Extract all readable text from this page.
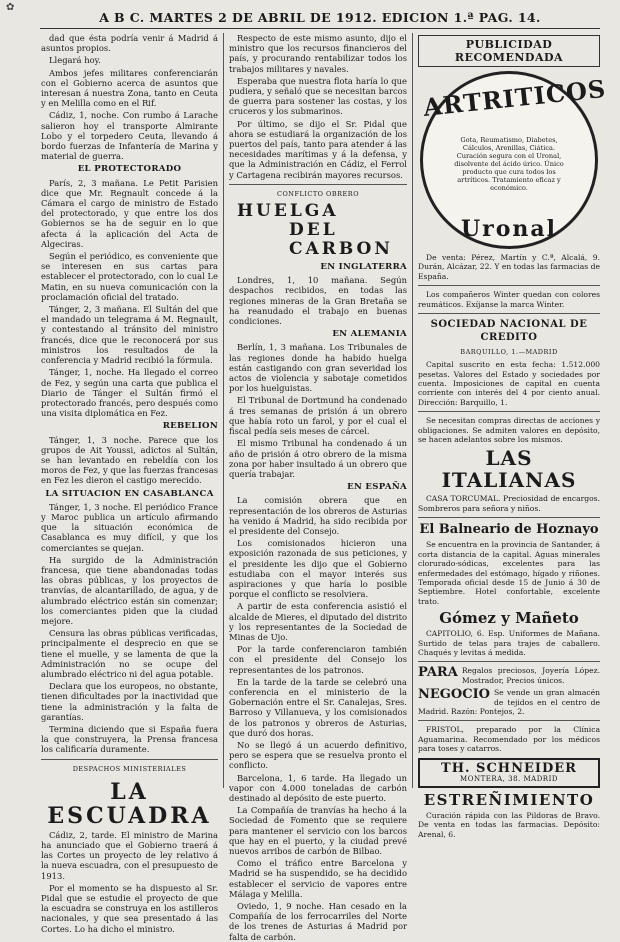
✿
A B C. MARTES 2 DE ABRIL DE 1912. EDICION 1.ª PAG. 14.

dad que ésta podría venir á Madrid á asuntos propios.

Llegará hoy.

Ambos jefes militares conferenciarán con el Gobierno acerca de asuntos que interesan á nuestra Zona, tanto en Ceuta y en Melilla como en el Rif.

Cádiz, 1, noche. Con rumbo á Larache salieron hoy el transporte Almirante Lobo y el torpedero Ceuta, llevando á bordo fuerzas de Infantería de Marina y material de guerra.

EL PROTECTORADO

París, 2, 3 mañana. Le Petit Parisien dice que Mr. Regnault concede á la Cámara el cargo de ministro de Estado del protectorado, y que entre los dos Gobiernos se ha de seguir en lo que afecta á la aplicación del Acta de Algeciras.

Según el periódico, es conveniente que se interesen en sus cartas para establecer el protectorado, con lo cual Le Matin, en su nueva comunicación con la proclamación oficial del tratado.

Tánger, 2, 3 mañana. El Sultán del que el mandado un telegrama á M. Regnault, y contestando al tránsito del ministro francés, dice que le reconocerá por sus ministros los resultados de la conferencia y Madrid recibió la fórmula.

Tánger, 1, noche. Ha llegado el correo de Fez, y según una carta que publica el Diario de Tánger el Sultán firmó el protectorado francés, pero después como una visita diplomática en Fez.

REBELION

Tánger, 1, 3 noche. Parece que los grupos de Ait Youssi, adictos al Sultán, se han levantado en rebeldía con los moros de Fez, y que las fuerzas francesas en Fez les dieron el castigo merecido.

LA SITUACION EN CASABLANCA

Tánger, 1, 3 noche. El periódico France y Maroc publica un artículo afirmando que la situación económica de Casablanca es muy difícil, y que los comerciantes se quejan.

Ha surgido de la Administración francesa, que tiene abandonadas todas las obras públicas, y los proyectos de tranvías, de alcantarillado, de agua, y de alumbrado eléctrico están sin comenzar; los comerciantes piden que la ciudad mejore.

Censura las obras públicas verificadas, principalmente el desprecio en que se tiene el muelle, y se lamenta de que la Administración no se ocupe del alumbrado eléctrico ni del agua potable.

Declara que los europeos, no obstante, tienen dificultades por la inactividad que tiene la administración y la falta de garantías.

Termina diciendo que si España fuera la que construyera, la Prensa francesa los calificaría duramente.

DESPACHOS MINISTERIALES
LA ESCUADRA

Cádiz, 2, tarde. El ministro de Marina ha anunciado que el Gobierno traerá á las Cortes un proyecto de ley relativo á la nueva escuadra, con el presupuesto de 1913.

Por el momento se ha dispuesto al Sr. Pidal que se estudie el proyecto de que la escuadra se construya en los astilleros nacionales, y que sea presentado á las Cortes. Lo ha dicho el ministro.

Respecto de este mismo asunto, dijo el ministro que los recursos financieros del país, y procurando rentabilizar todos los trabajos militares y navales.

Esperaba que nuestra flota haría lo que pudiera, y señaló que se necesitan barcos de guerra para sostener las costas, y los cruceros y los submarinos.

Por último, se dijo el Sr. Pidal que ahora se estudiará la organización de los puertos del país, tanto para atender á las necesidades marítimas y á la defensa, y que la Administración en Cádiz, el Ferrol y Cartagena recibirán mayores recursos.

CONFLICTO OBRERO
HUELGA
DEL CARBON
EN INGLATERRA

Londres, 1, 10 mañana. Según despachos recibidos, en todas las regiones mineras de la Gran Bretaña se ha reanudado el trabajo en buenas condiciones.

EN ALEMANIA

Berlín, 1, 3 mañana. Los Tribunales de las regiones donde ha habido huelga están castigando con gran severidad los actos de violencia y sabotaje cometidos por los huelguistas.

El Tribunal de Dortmund ha condenado á tres semanas de prisión á un obrero que había roto un farol, y por el cual el fiscal pedía seis meses de cárcel.

El mismo Tribunal ha condenado á un año de prisión á otro obrero de la misma zona por haber insultado á un obrero que quería trabajar.

EN ESPAÑA

La comisión obrera que en representación de los obreros de Asturias ha venido á Madrid, ha sido recibida por el presidente del Consejo.

Los comisionados hicieron una exposición razonada de sus peticiones, y el presidente les dijo que el Gobierno estudiaba con el mayor interés sus aspiraciones y que haría lo posible porque el conflicto se resolviera.

A partir de esta conferencia asistió el alcalde de Mieres, el diputado del distrito y los representantes de la Sociedad de Minas de Ujo.

Por la tarde conferenciaron también con el presidente del Consejo los representantes de los patronos.

En la tarde de la tarde se celebró una conferencia en el ministerio de la Gobernación entre el Sr. Canalejas, Sres. Barroso y Villanueva, y los comisionados de los patronos y obreros de Asturias, que duró dos horas.

No se llegó á un acuerdo definitivo, pero se espera que se resuelva pronto el conflicto.

Barcelona, 1, 6 tarde. Ha llegado un vapor con 4.000 toneladas de carbón destinado al depósito de este puerto.

La Compañía de tranvías ha hecho á la Sociedad de Fomento que se requiere para mantener el servicio con los barcos que hay en el puerto, y la ciudad prevé nuevos arribos de carbón de Bilbao.

Como el tráfico entre Barcelona y Madrid se ha suspendido, se ha decidido establecer el servicio de vapores entre Málaga y Melilla.

Oviedo, 1, 9 noche. Han cesado en la Compañía de los ferrocarriles del Norte de los trenes de Asturias á Madrid por falta de carbón.

PUBLICIDAD RECOMENDADA
ARTRITICOS
Gota, Reumatismo, Diabetes, Cálculos, Arenillas, Ciática. Curación segura con el Uronal, disolvente del ácido úrico. Único producto que cura todos los artríticos. Tratamiento eficaz y económico.
Uronal

De venta: Pérez, Martín y C.ª, Alcalá, 9. Durán, Alcázar, 22. Y en todas las farmacias de España.

Los compañeros Winter quedan con colores reumáticos. Exíjanse la marca Winter.

SOCIEDAD NACIONAL DE CREDITO
BARQUILLO, 1.—MADRID

Capital suscrito en esta fecha: 1.512.000 pesetas. Valores del Estado y sociedades por cuenta. Imposiciones de capital en cuenta corriente con interés del 4 por ciento anual. Dirección: Barquillo, 1.

Se necesitan compras directas de acciones y obligaciones. Se admiten valores en depósito, se hacen adelantos sobre los mismos.

LAS ITALIANAS

CASA TORCUMAL. Preciosidad de encargos. Sombreros para señora y niños.

El Balneario de Hoznayo

Se encuentra en la provincia de Santander, á corta distancia de la capital. Aguas minerales clorurado-sódicas, excelentes para las enfermedades del estómago, hígado y riñones. Temporada oficial desde 15 de Junio á 30 de Septiembre. Hotel confortable, excelente trato.

Gómez y Mañeto

CAPITOLIO, 6. Esp. Uniformes de Mañana. Surtido de telas para trajes de caballero. Chaqués y levitas á medida.

PARA Regalos preciosos, Joyería López. Mostrador, Precios únicos.
NEGOCIO Se vende un gran almacén de tejidos en el centro de Madrid. Razón: Pontejos, 2.

FRISTOL, preparado por la Clínica Aguamarina. Recomendado por los médicos para toses y catarros.

TH. SCHNEIDER
MONTERA, 38. MADRID
ESTREÑIMIENTO

Curación rápida con las Pildoras de Bravo. De venta en todas las farmacias. Depósito: Arenal, 6.
